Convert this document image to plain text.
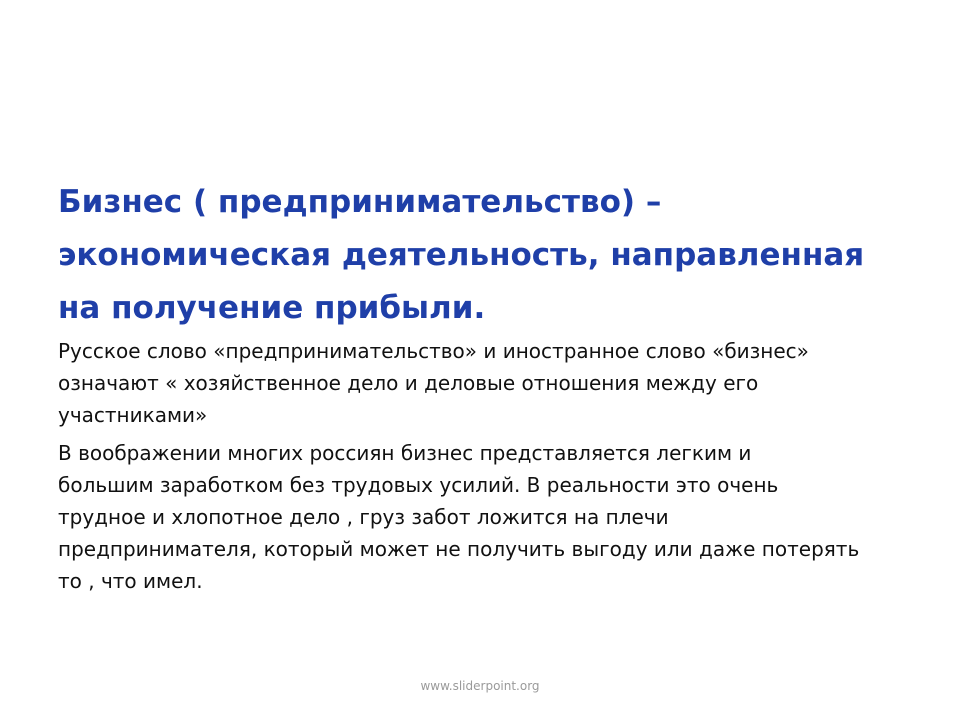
Бизнес ( предпринимательство) –
экономическая деятельность, направленная
на получение прибыли.

Русское слово «предпринимательство» и иностранное слово «бизнес»
означают « хозяйственное дело и деловые отношения между его
участниками»

В воображении многих россиян бизнес представляется легким и
большим заработком без трудовых усилий. В реальности это очень
трудное и хлопотное дело , груз забот ложится на плечи
предпринимателя, который может не получить выгоду или даже потерять
то , что имел.

www.sliderpoint.org
